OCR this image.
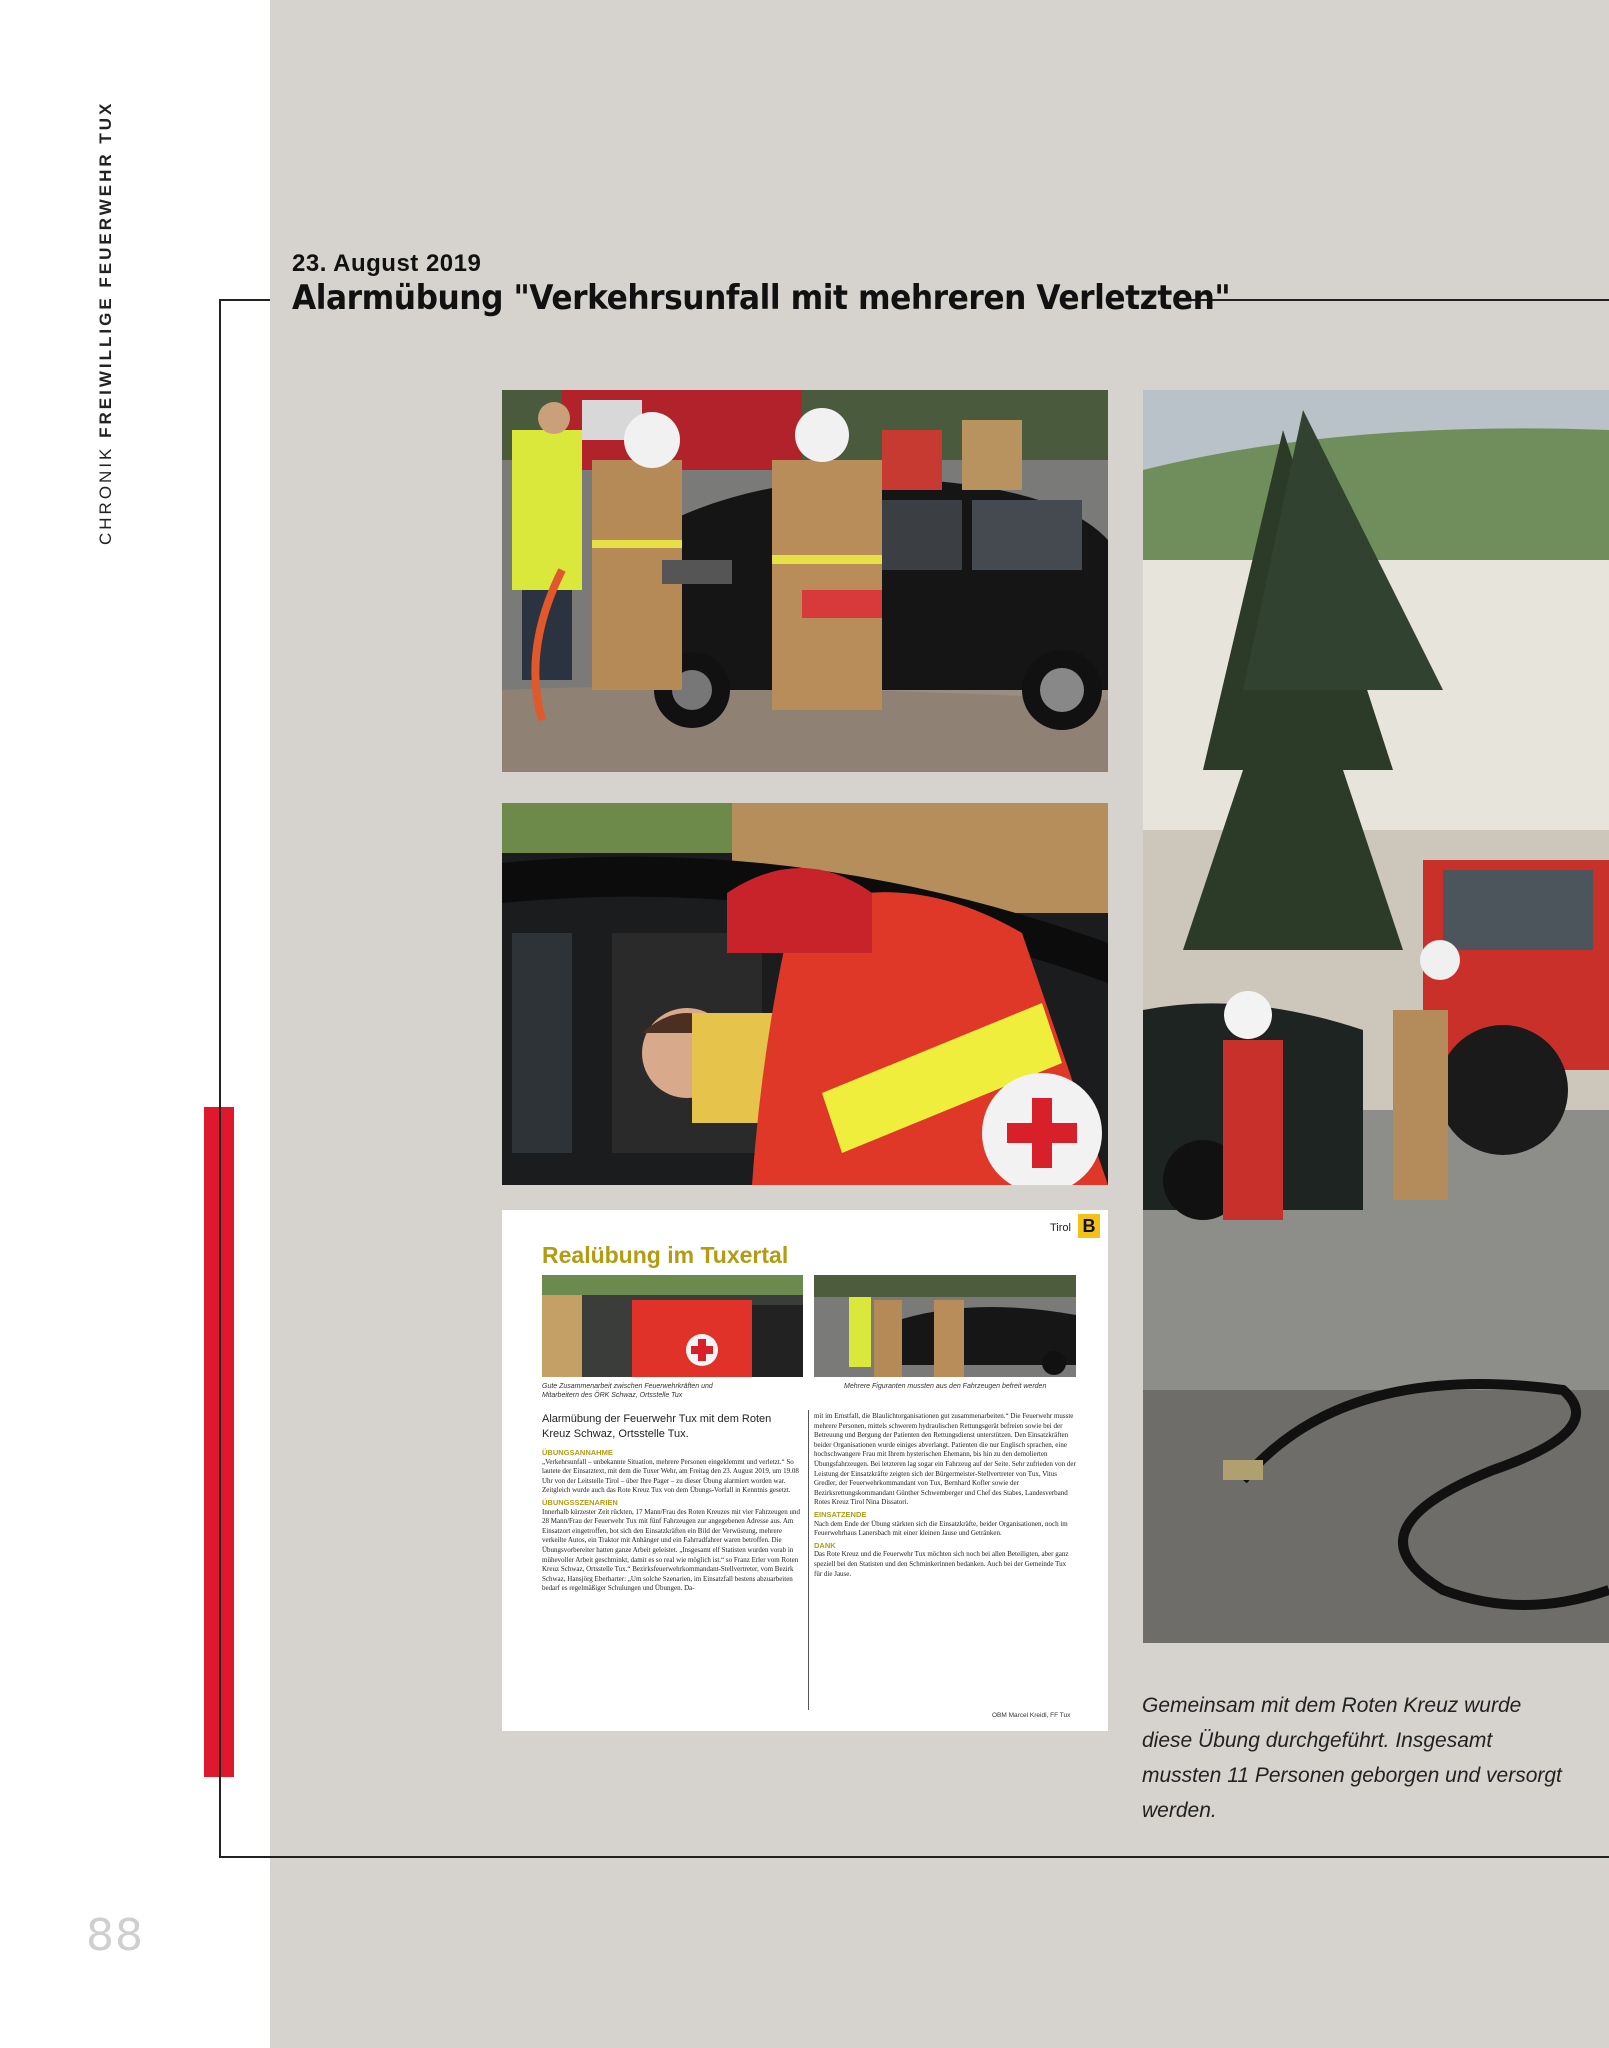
CHRONIK FREIWILLIGE FEUERWEHR TUX
88
23. August 2019
Alarmübung "Verkehrsunfall mit mehreren Verletzten"
Tirol B
Realübung im Tuxertal
Gute Zusammenarbeit zwischen Feuerwehrkräften und Mitarbeitern des ÖRK Schwaz, Ortsstelle Tux
Mehrere Figuranten mussten aus den Fahrzeugen befreit werden
Alarmübung der Feuerwehr Tux mit dem Roten Kreuz Schwaz, Ortsstelle Tux.
ÜBUNGSANNAHME

„Verkehrsunfall – unbekannte Situation, mehrere Personen eingeklemmt und verletzt.“ So lautete der Einsatztext, mit dem die Tuxer Wehr, am Freitag den 23. August 2019, um 19.08 Uhr von der Leitstelle Tirol – über Ihre Pager – zu dieser Übung alarmiert worden war. Zeitgleich wurde auch das Rote Kreuz Tux von dem Übungs-Vorfall in Kenntnis gesetzt.

ÜBUNGSSZENARIEN

Innerhalb kürzester Zeit rückten, 17 Mann/Frau des Roten Kreuzes mit vier Fahrzeugen und 28 Mann/Frau der Feuerwehr Tux mit fünf Fahrzeugen zur angegebenen Adresse aus. Am Einsatzort eingetroffen, bot sich den Einsatzkräften ein Bild der Verwüstung, mehrere verkeilte Autos, ein Traktor mit Anhänger und ein Fahrradfahrer waren betroffen. Die Übungsvorbereiter hatten ganze Arbeit geleistet. „Insgesamt elf Statisten wurden vorab in mühevoller Arbeit geschminkt, damit es so real wie möglich ist.“ so Franz Erler vom Roten Kreuz Schwaz, Ortsstelle Tux.“ Bezirksfeuerwehrkommandant-Stellvertreter, vom Bezirk Schwaz, Hansjörg Eberharter: „Um solche Szenarien, im Einsatzfall bestens abzuarbeiten bedarf es regelmäßiger Schulungen und Übungen. Da-

mit im Ernstfall, die Blaulichtorganisationen gut zusammenarbeiten.“ Die Feuerwehr musste mehrere Personen, mittels schwerem hydraulischen Rettungsgerät befreien sowie bei der Betreuung und Bergung der Patienten den Rettungsdienst unterstützen. Den Einsatzkräften beider Organisationen wurde einiges abverlangt. Patienten die nur Englisch sprachen, eine hochschwangere Frau mit Ihrem hysterischen Ehemann, bis hin zu den demolierten Übungsfahrzeugen. Bei letzteren lag sogar ein Fahrzeug auf der Seite. Sehr zufrieden von der Leistung der Einsatzkräfte zeigten sich der Bürgermeister-Stellvertreter von Tux, Vitus Gredler, der Feuerwehrkommandant von Tux, Bernhard Kofler sowie der Bezirksrettungskommandant Günther Schwemberger und Chef des Stabes, Landesverband Rotes Kreuz Tirol Nina Dissatori.

EINSATZENDE

Nach dem Ende der Übung stärkten sich die Einsatzkräfte, beider Organisationen, noch im Feuerwehrhaus Lanersbach mit einer kleinen Jause und Getränken.

DANK

Das Rote Kreuz und die Feuerwehr Tux möchten sich noch bei allen Beteiligten, aber ganz speziell bei den Statisten und den Schminkerinnen bedanken. Auch bei der Gemeinde Tux für die Jause.

OBM Marcel Kreidl, FF Tux	Gemeinsam mit dem Roten Kreuz wurde diese Übung durchgeführt. Insgesamt mussten 11 Personen geborgen und versorgt werden.
